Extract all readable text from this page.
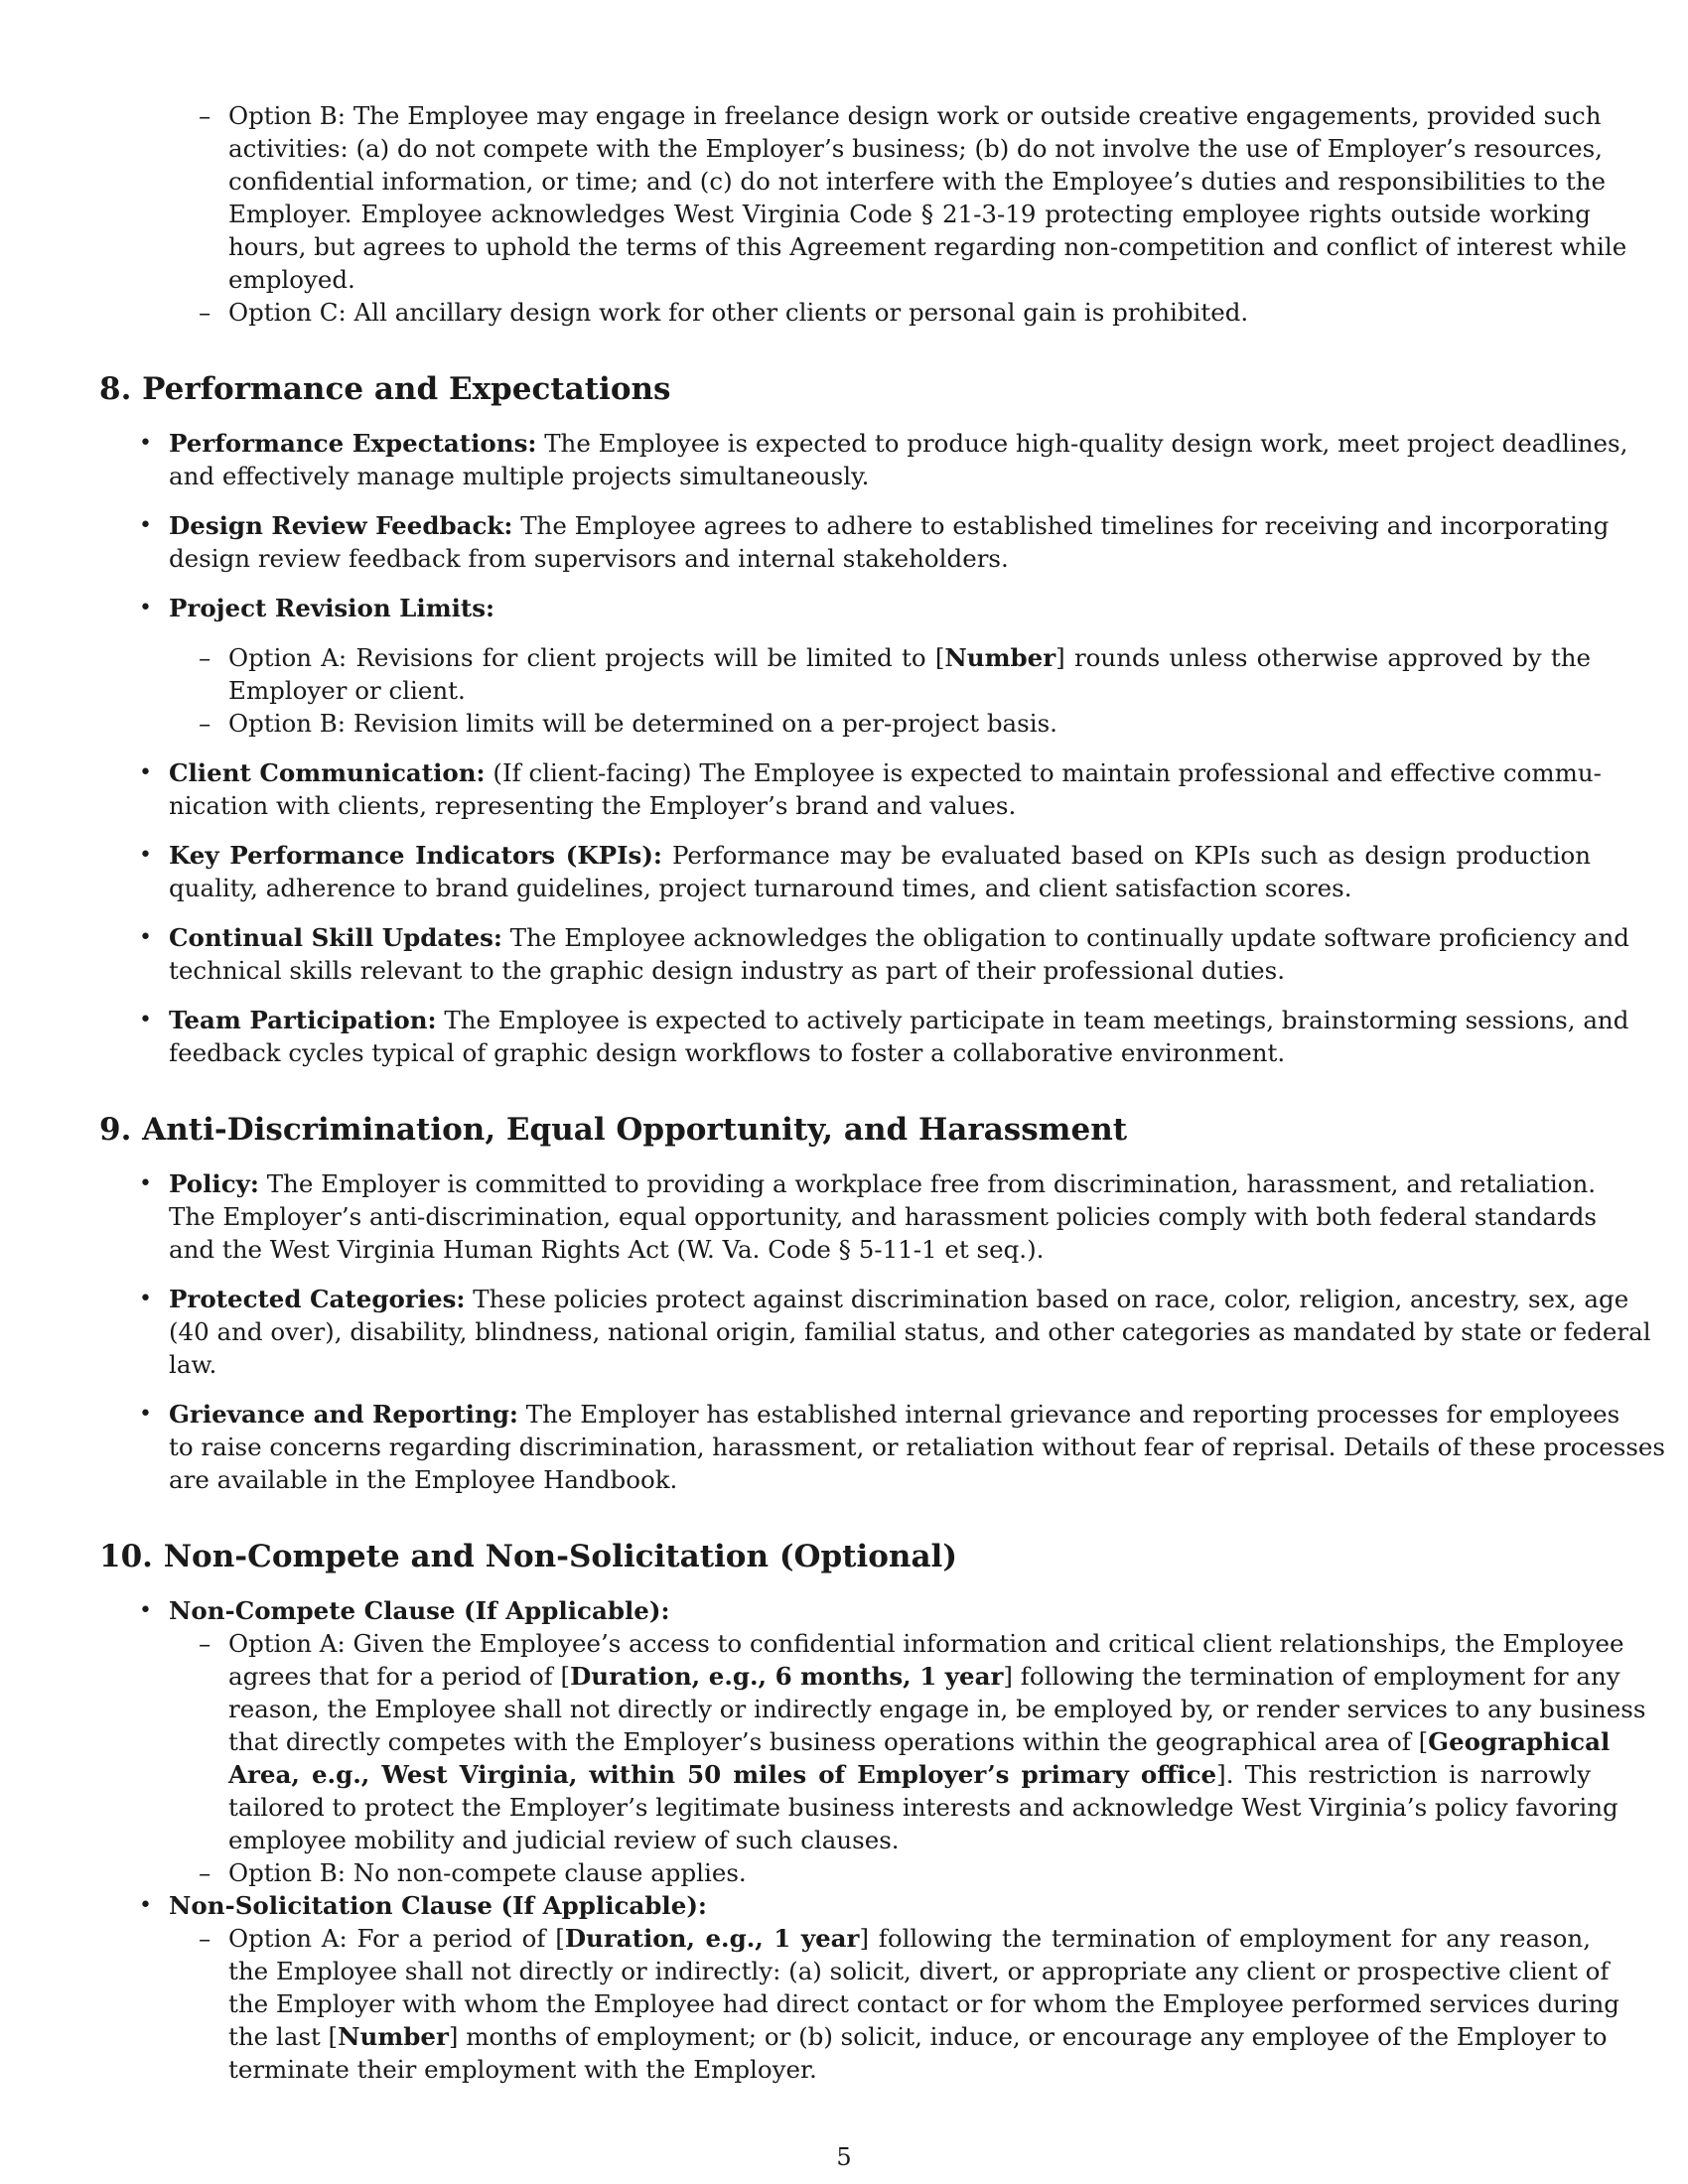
– Option B: The Employee may engage in freelance design work or outside creative engagements, provided such
activities: (a) do not compete with the Employer’s business; (b) do not involve the use of Employer’s resources,
confidential information, or time; and (c) do not interfere with the Employee’s duties and responsibilities to the
Employer. Employee acknowledges West Virginia Code § 21-3-19 protecting employee rights outside working
hours, but agrees to uphold the terms of this Agreement regarding non-competition and conflict of interest while
employed.
– Option C: All ancillary design work for other clients or personal gain is prohibited.
8. Performance and Expectations
• Performance Expectations: The Employee is expected to produce high-quality design work, meet project deadlines,
and effectively manage multiple projects simultaneously.
• Design Review Feedback: The Employee agrees to adhere to established timelines for receiving and incorporating
design review feedback from supervisors and internal stakeholders.
• Project Revision Limits:
– Option A: Revisions for client projects will be limited to [Number] rounds unless otherwise approved by the
Employer or client.
– Option B: Revision limits will be determined on a per-project basis.
• Client Communication: (If client-facing) The Employee is expected to maintain professional and effective commu-
nication with clients, representing the Employer’s brand and values.
• Key Performance Indicators (KPIs): Performance may be evaluated based on KPIs such as design production
quality, adherence to brand guidelines, project turnaround times, and client satisfaction scores.
• Continual Skill Updates: The Employee acknowledges the obligation to continually update software proficiency and
technical skills relevant to the graphic design industry as part of their professional duties.
• Team Participation: The Employee is expected to actively participate in team meetings, brainstorming sessions, and
feedback cycles typical of graphic design workflows to foster a collaborative environment.
9. Anti-Discrimination, Equal Opportunity, and Harassment
• Policy: The Employer is committed to providing a workplace free from discrimination, harassment, and retaliation.
The Employer’s anti-discrimination, equal opportunity, and harassment policies comply with both federal standards
and the West Virginia Human Rights Act (W. Va. Code § 5-11-1 et seq.).
• Protected Categories: These policies protect against discrimination based on race, color, religion, ancestry, sex, age
(40 and over), disability, blindness, national origin, familial status, and other categories as mandated by state or federal
law.
• Grievance and Reporting: The Employer has established internal grievance and reporting processes for employees
to raise concerns regarding discrimination, harassment, or retaliation without fear of reprisal. Details of these processes
are available in the Employee Handbook.
10. Non-Compete and Non-Solicitation (Optional)
• Non-Compete Clause (If Applicable):
– Option A: Given the Employee’s access to confidential information and critical client relationships, the Employee
agrees that for a period of [Duration, e.g., 6 months, 1 year] following the termination of employment for any
reason, the Employee shall not directly or indirectly engage in, be employed by, or render services to any business
that directly competes with the Employer’s business operations within the geographical area of [Geographical
Area, e.g., West Virginia, within 50 miles of Employer’s primary office]. This restriction is narrowly
tailored to protect the Employer’s legitimate business interests and acknowledge West Virginia’s policy favoring
employee mobility and judicial review of such clauses.
– Option B: No non-compete clause applies.
• Non-Solicitation Clause (If Applicable):
– Option A: For a period of [Duration, e.g., 1 year] following the termination of employment for any reason,
the Employee shall not directly or indirectly: (a) solicit, divert, or appropriate any client or prospective client of
the Employer with whom the Employee had direct contact or for whom the Employee performed services during
the last [Number] months of employment; or (b) solicit, induce, or encourage any employee of the Employer to
terminate their employment with the Employer.
5
